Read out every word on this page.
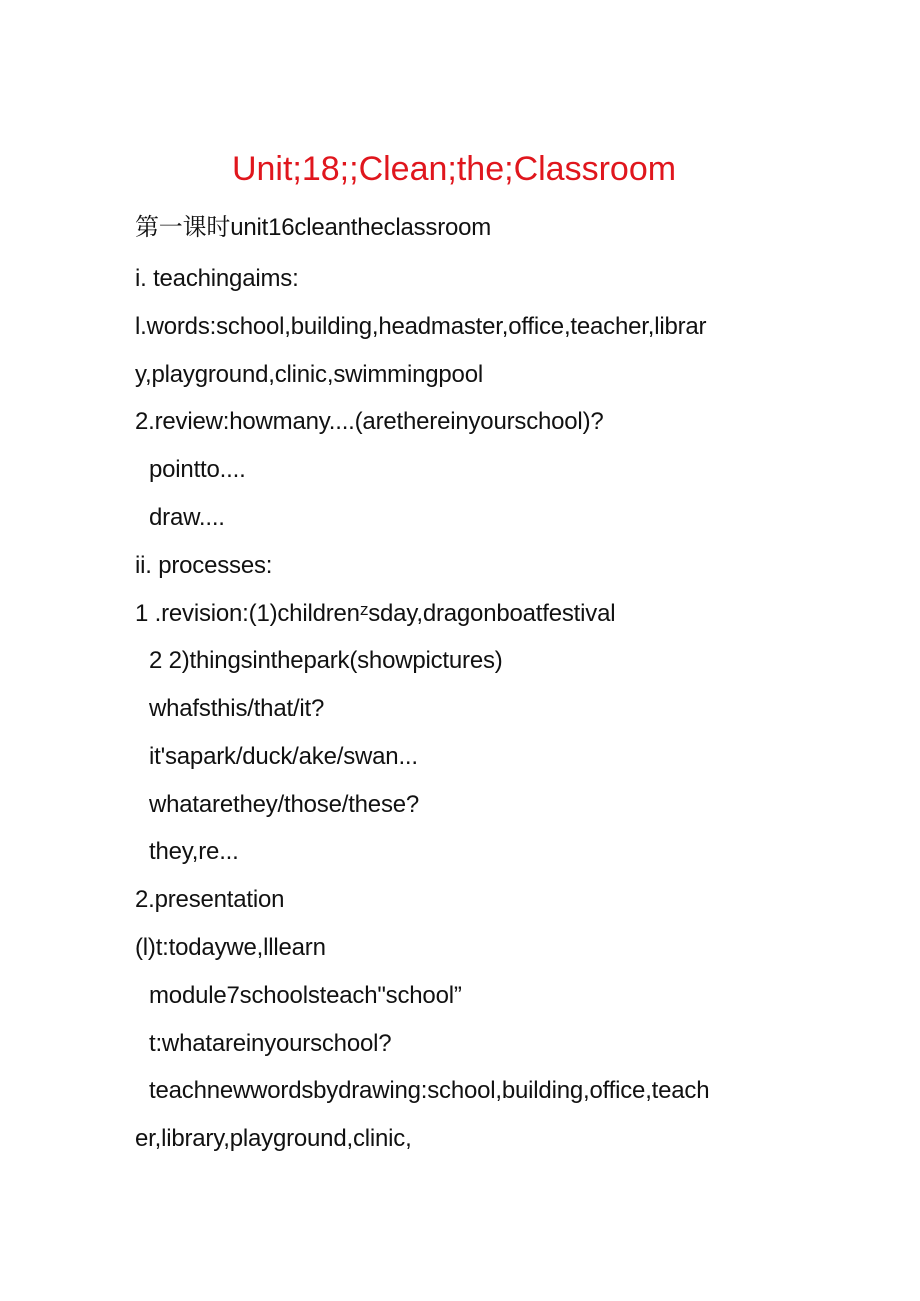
Unit;18;;Clean;the;Classroom
第一课时unit16cleantheclassroom
i. teachingaims:
l.words:school,building,headmaster,office,teacher,librar
y,playground,clinic,swimmingpool
2.review:howmany....(arethereinyourschool)?
pointto....
draw....
ii. processes:
1 .revision:(1)childrenᶻsday,dragonboatfestival
2 2)thingsinthepark(showpictures)
whafsthis/that/it?
it'sapark/duck/ake/swan...
whatarethey/those/these?
they,re...
2.presentation
(l)t:todaywe,lllearn
module7schoolsteach"school”
t:whatareinyourschool?
teachnewwordsbydrawing:school,building,office,teach
er,library,playground,clinic,
